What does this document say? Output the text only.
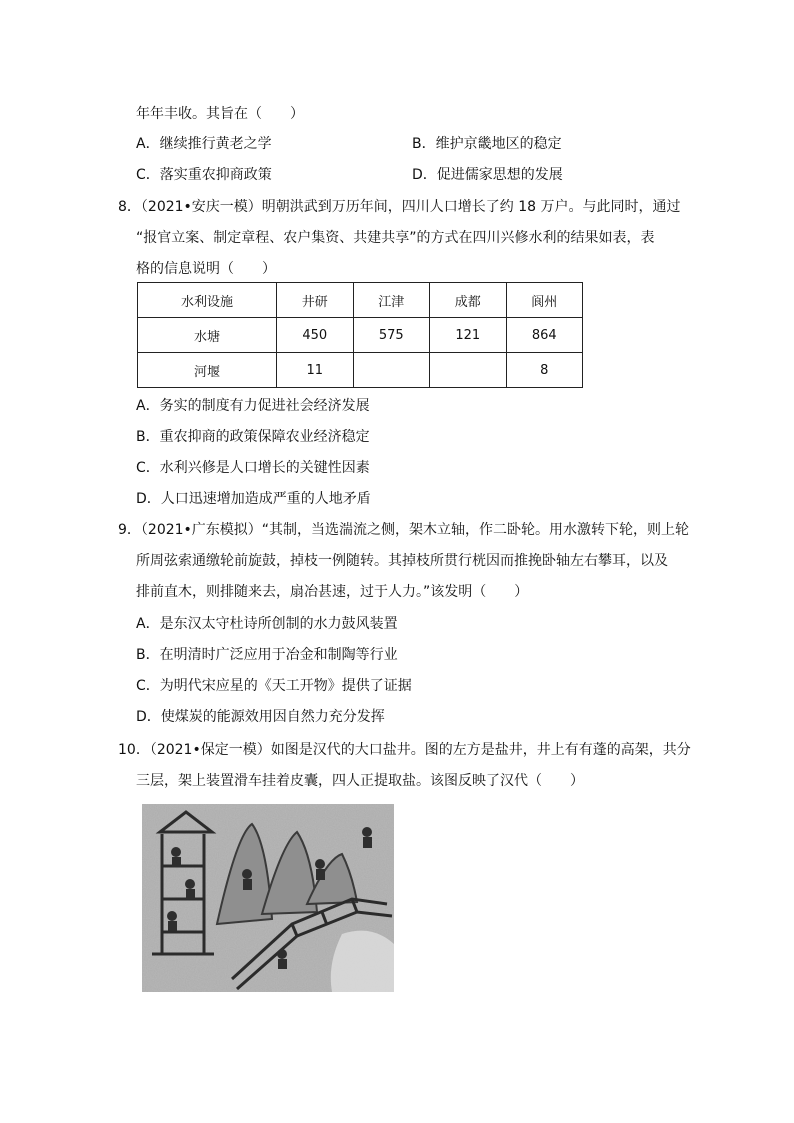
年年丰收。其旨在（　　）
A．继续推行黄老之学	B．维护京畿地区的稳定
C．落实重农抑商政策	D．促进儒家思想的发展
8．（2021•安庆一模）明朝洪武到万历年间，四川人口增长了约 18 万户。与此同时，通过
“报官立案、制定章程、农户集资、共建共享”的方式在四川兴修水利的结果如表，表
格的信息说明（　　）
水利设施	井研	江津	成都	阆州
水塘	450	575	121	864
河堰	11			8
A．务实的制度有力促进社会经济发展
B．重农抑商的政策保障农业经济稳定
C．水利兴修是人口增长的关键性因素
D．人口迅速增加造成严重的人地矛盾
9．（2021•广东模拟）“其制，当选湍流之侧，架木立轴，作二卧轮。用水激转下轮，则上轮
所周弦索通缴轮前旋鼓，掉枝一例随转。其掉枝所贯行桄因而推挽卧轴左右攀耳，以及
排前直木，则排随来去，扇冶甚速，过于人力。”该发明（　　）
A．是东汉太守杜诗所创制的水力鼓风装置
B．在明清时广泛应用于冶金和制陶等行业
C．为明代宋应星的《天工开物》提供了证据
D．使煤炭的能源效用因自然力充分发挥
10．（2021•保定一模）如图是汉代的大口盐井。图的左方是盐井，井上有有蓬的高架，共分
三层，架上装置滑车挂着皮囊，四人正提取盐。该图反映了汉代（　　）
